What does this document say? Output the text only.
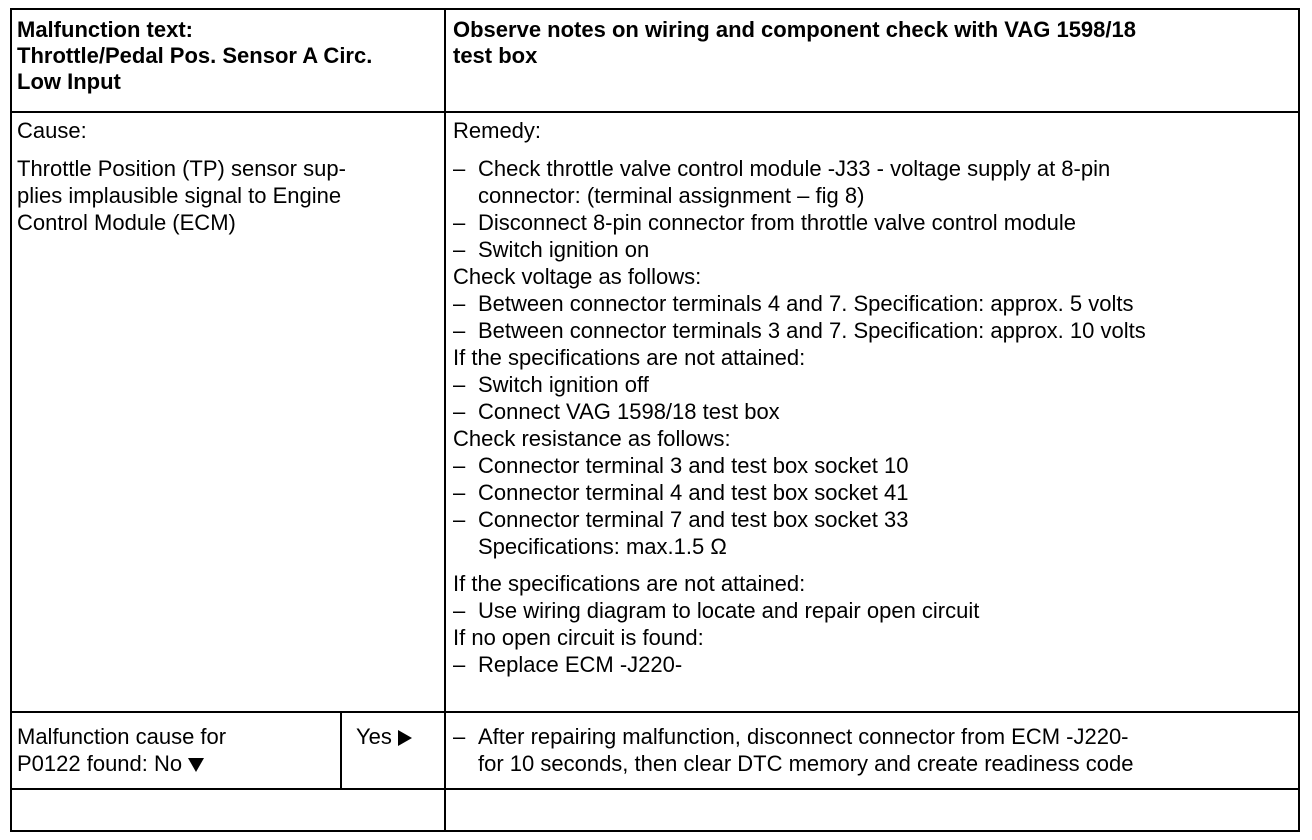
Malfunction text:
Throttle/Pedal Pos. Sensor A Circ.
Low Input
Observe notes on wiring and component check with VAG 1598/18
test box
Cause:
Throttle Position (TP) sensor sup-
plies implausible signal to Engine
Control Module (ECM)
Remedy:
– Check throttle valve control module -J33 - voltage supply at 8-pin
connector: (terminal assignment – fig 8)
– Disconnect 8-pin connector from throttle valve control module
– Switch ignition on
Check voltage as follows:
– Between connector terminals 4 and 7. Specification: approx. 5 volts
– Between connector terminals 3 and 7. Specification: approx. 10 volts
If the specifications are not attained:
– Switch ignition off
– Connect VAG 1598/18 test box
Check resistance as follows:
– Connector terminal 3 and test box socket 10
– Connector terminal 4 and test box socket 41
– Connector terminal 7 and test box socket 33
Specifications: max.1.5 Ω
If the specifications are not attained:
– Use wiring diagram to locate and repair open circuit
If no open circuit is found:
– Replace ECM -J220-
Malfunction cause for
P0122 found: No
Yes
–	After repairing malfunction, disconnect connector from ECM -J220-
for 10 seconds, then clear DTC memory and create readiness code
